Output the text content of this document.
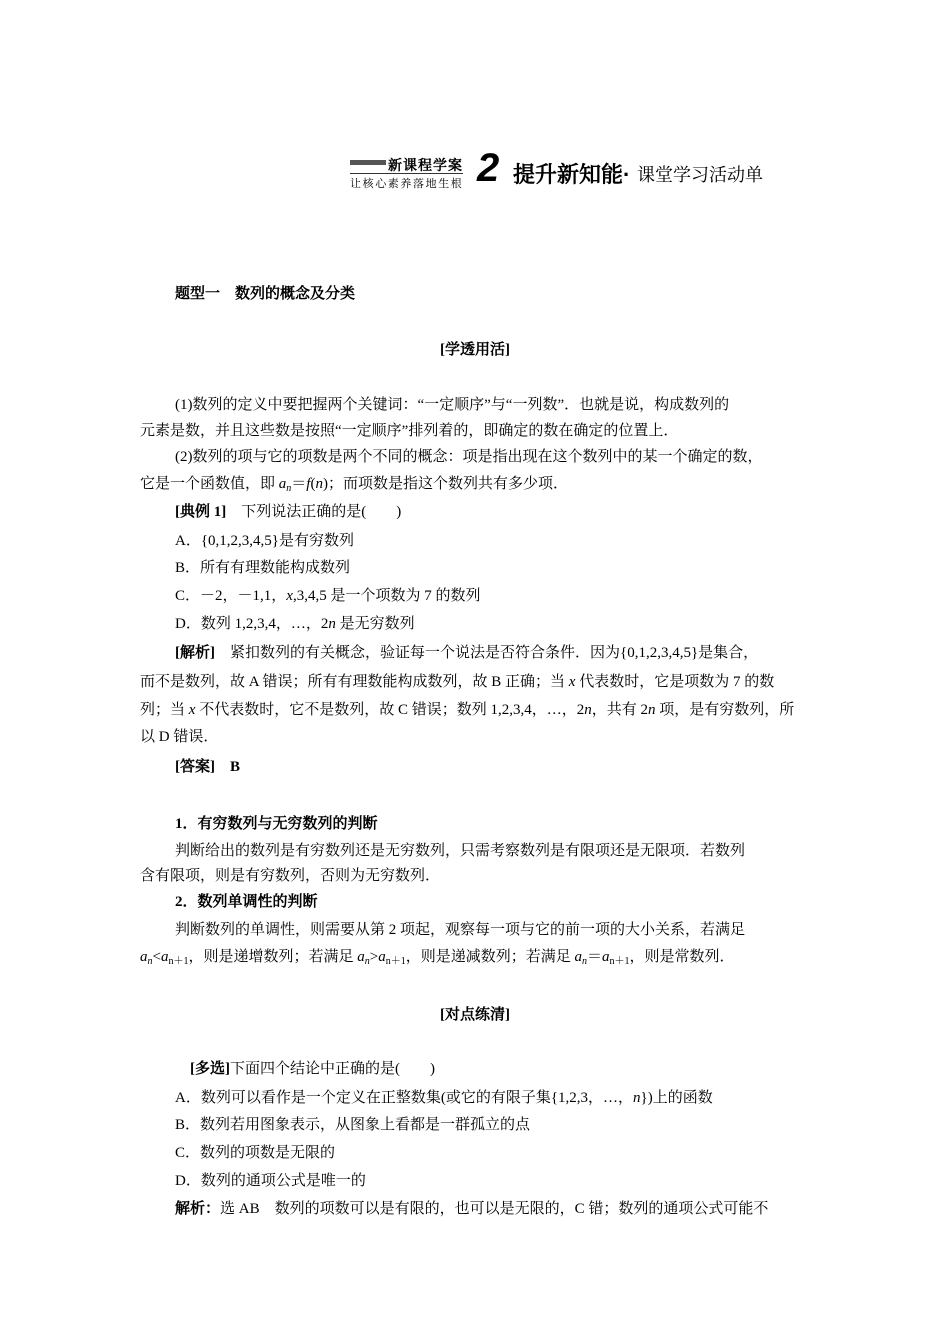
新课程学案
让核心素养落地生根 2 提升新知能· 课堂学习活动单
题型一　数列的概念及分类
[学透用活]
(1)数列的定义中要把握两个关键词：“一定顺序”与“一列数”．也就是说，构成数列的
元素是数，并且这些数是按照“一定顺序”排列着的，即确定的数在确定的位置上．
(2)数列的项与它的项数是两个不同的概念：项是指出现在这个数列中的某一个确定的数，
它是一个函数值，即 $a_n=f(n)$；而项数是指这个数列共有多少项．
[典例 1]　下列说法正确的是(　　)
A．{0,1,2,3,4,5}是有穷数列
B．所有有理数能构成数列
C．－2，－1,1，x,3,4,5 是一个项数为 7 的数列
D．数列 1,2,3,4，…，2n 是无穷数列
[解析]　紧扣数列的有关概念，验证每一个说法是否符合条件．因为{0,1,2,3,4,5}是集合，
而不是数列，故 A 错误；所有有理数能构成数列，故 B 正确；当 x 代表数时，它是项数为 7 的数
列；当 x 不代表数时，它不是数列，故 C 错误；数列 1,2,3,4，…，2n，共有 2n 项，是有穷数列，所
以 D 错误．
[答案]　B
1．有穷数列与无穷数列的判断
判断给出的数列是有穷数列还是无穷数列，只需考察数列是有限项还是无限项．若数列
含有限项，则是有穷数列，否则为无穷数列．
2．数列单调性的判断
判断数列的单调性，则需要从第 2 项起，观察每一项与它的前一项的大小关系，若满足
$a_n<a_{n+1}$，则是递增数列；若满足 $a_n>a_{n+1}$，则是递减数列；若满足 $a_n=a_{n+1}$，则是常数列．
[对点练清]
[多选]下面四个结论中正确的是(　　)
A．数列可以看作是一个定义在正整数集(或它的有限子集{1,2,3，…，n})上的函数
B．数列若用图象表示，从图象上看都是一群孤立的点
C．数列的项数是无限的
D．数列的通项公式是唯一的
解析：选 AB　数列的项数可以是有限的，也可以是无限的，C 错；数列的通项公式可能不
